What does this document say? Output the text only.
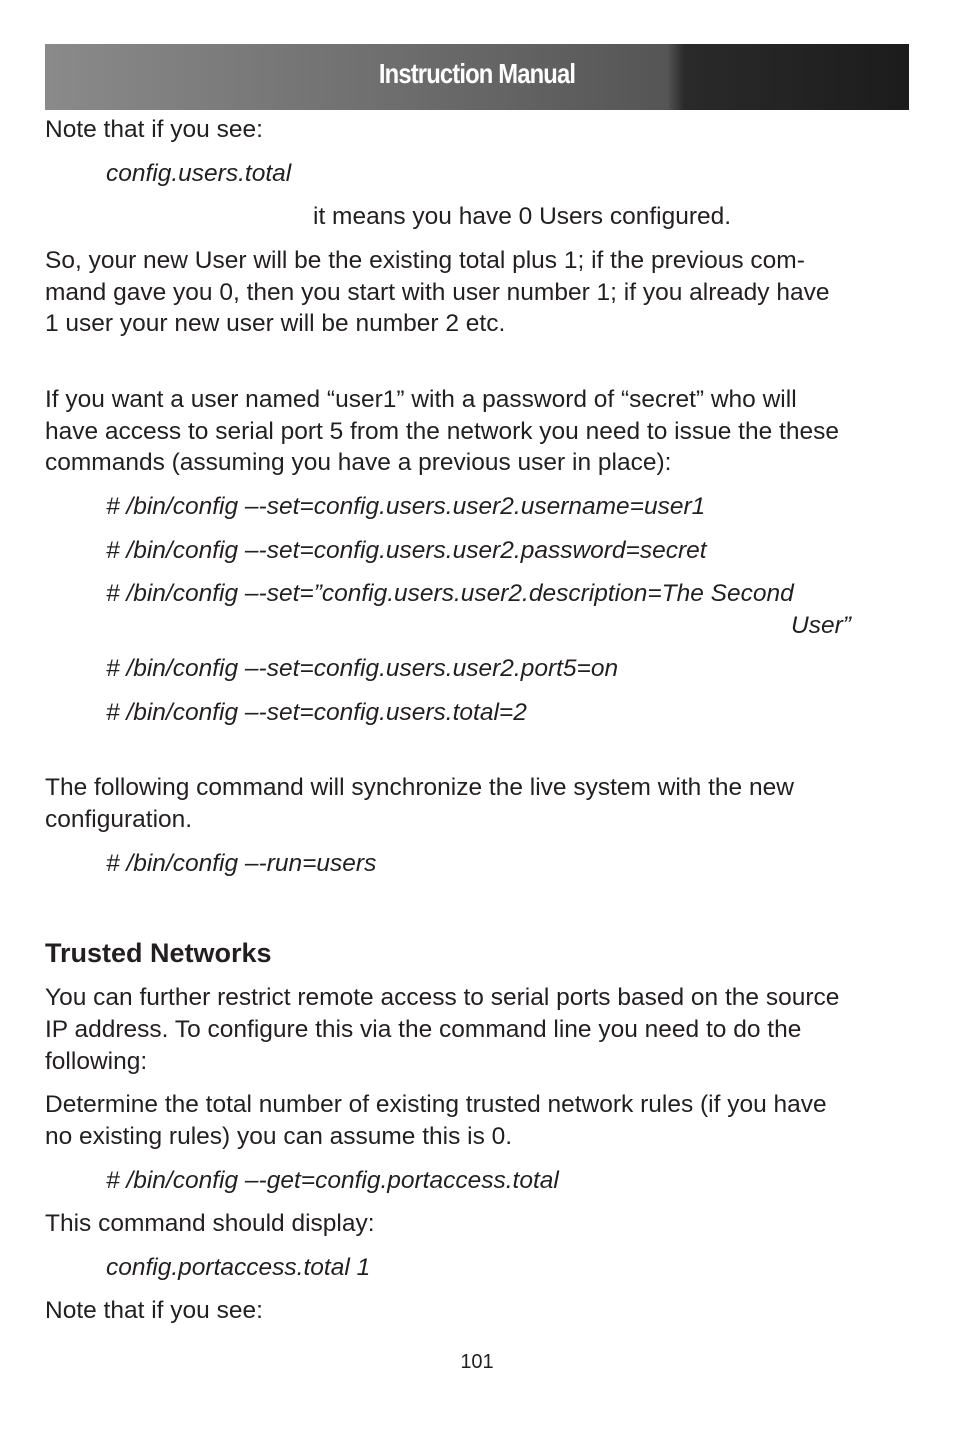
Instruction Manual
Note that if you see:
config.users.total
it means you have 0 Users configured.
So, your new User will be the existing total plus 1; if the previous com-
mand gave you 0, then you start with user number 1; if you already have
1 user your new user will be number 2 etc.
If you want a user named “user1” with a password of “secret” who will
have access to serial port 5 from the network you need to issue the these
commands (assuming you have a previous user in place):
# /bin/config –-set=config.users.user2.username=user1
# /bin/config –-set=config.users.user2.password=secret
# /bin/config –-set=”config.users.user2.description=The Second
User”
# /bin/config –-set=config.users.user2.port5=on
# /bin/config –-set=config.users.total=2
The following command will synchronize the live system with the new
configuration.
# /bin/config –-run=users
Trusted Networks
You can further restrict remote access to serial ports based on the source
IP address. To configure this via the command line you need to do the
following:
Determine the total number of existing trusted network rules (if you have
no existing rules) you can assume this is 0.
# /bin/config –-get=config.portaccess.total
This command should display:
config.portaccess.total 1
Note that if you see:
101
